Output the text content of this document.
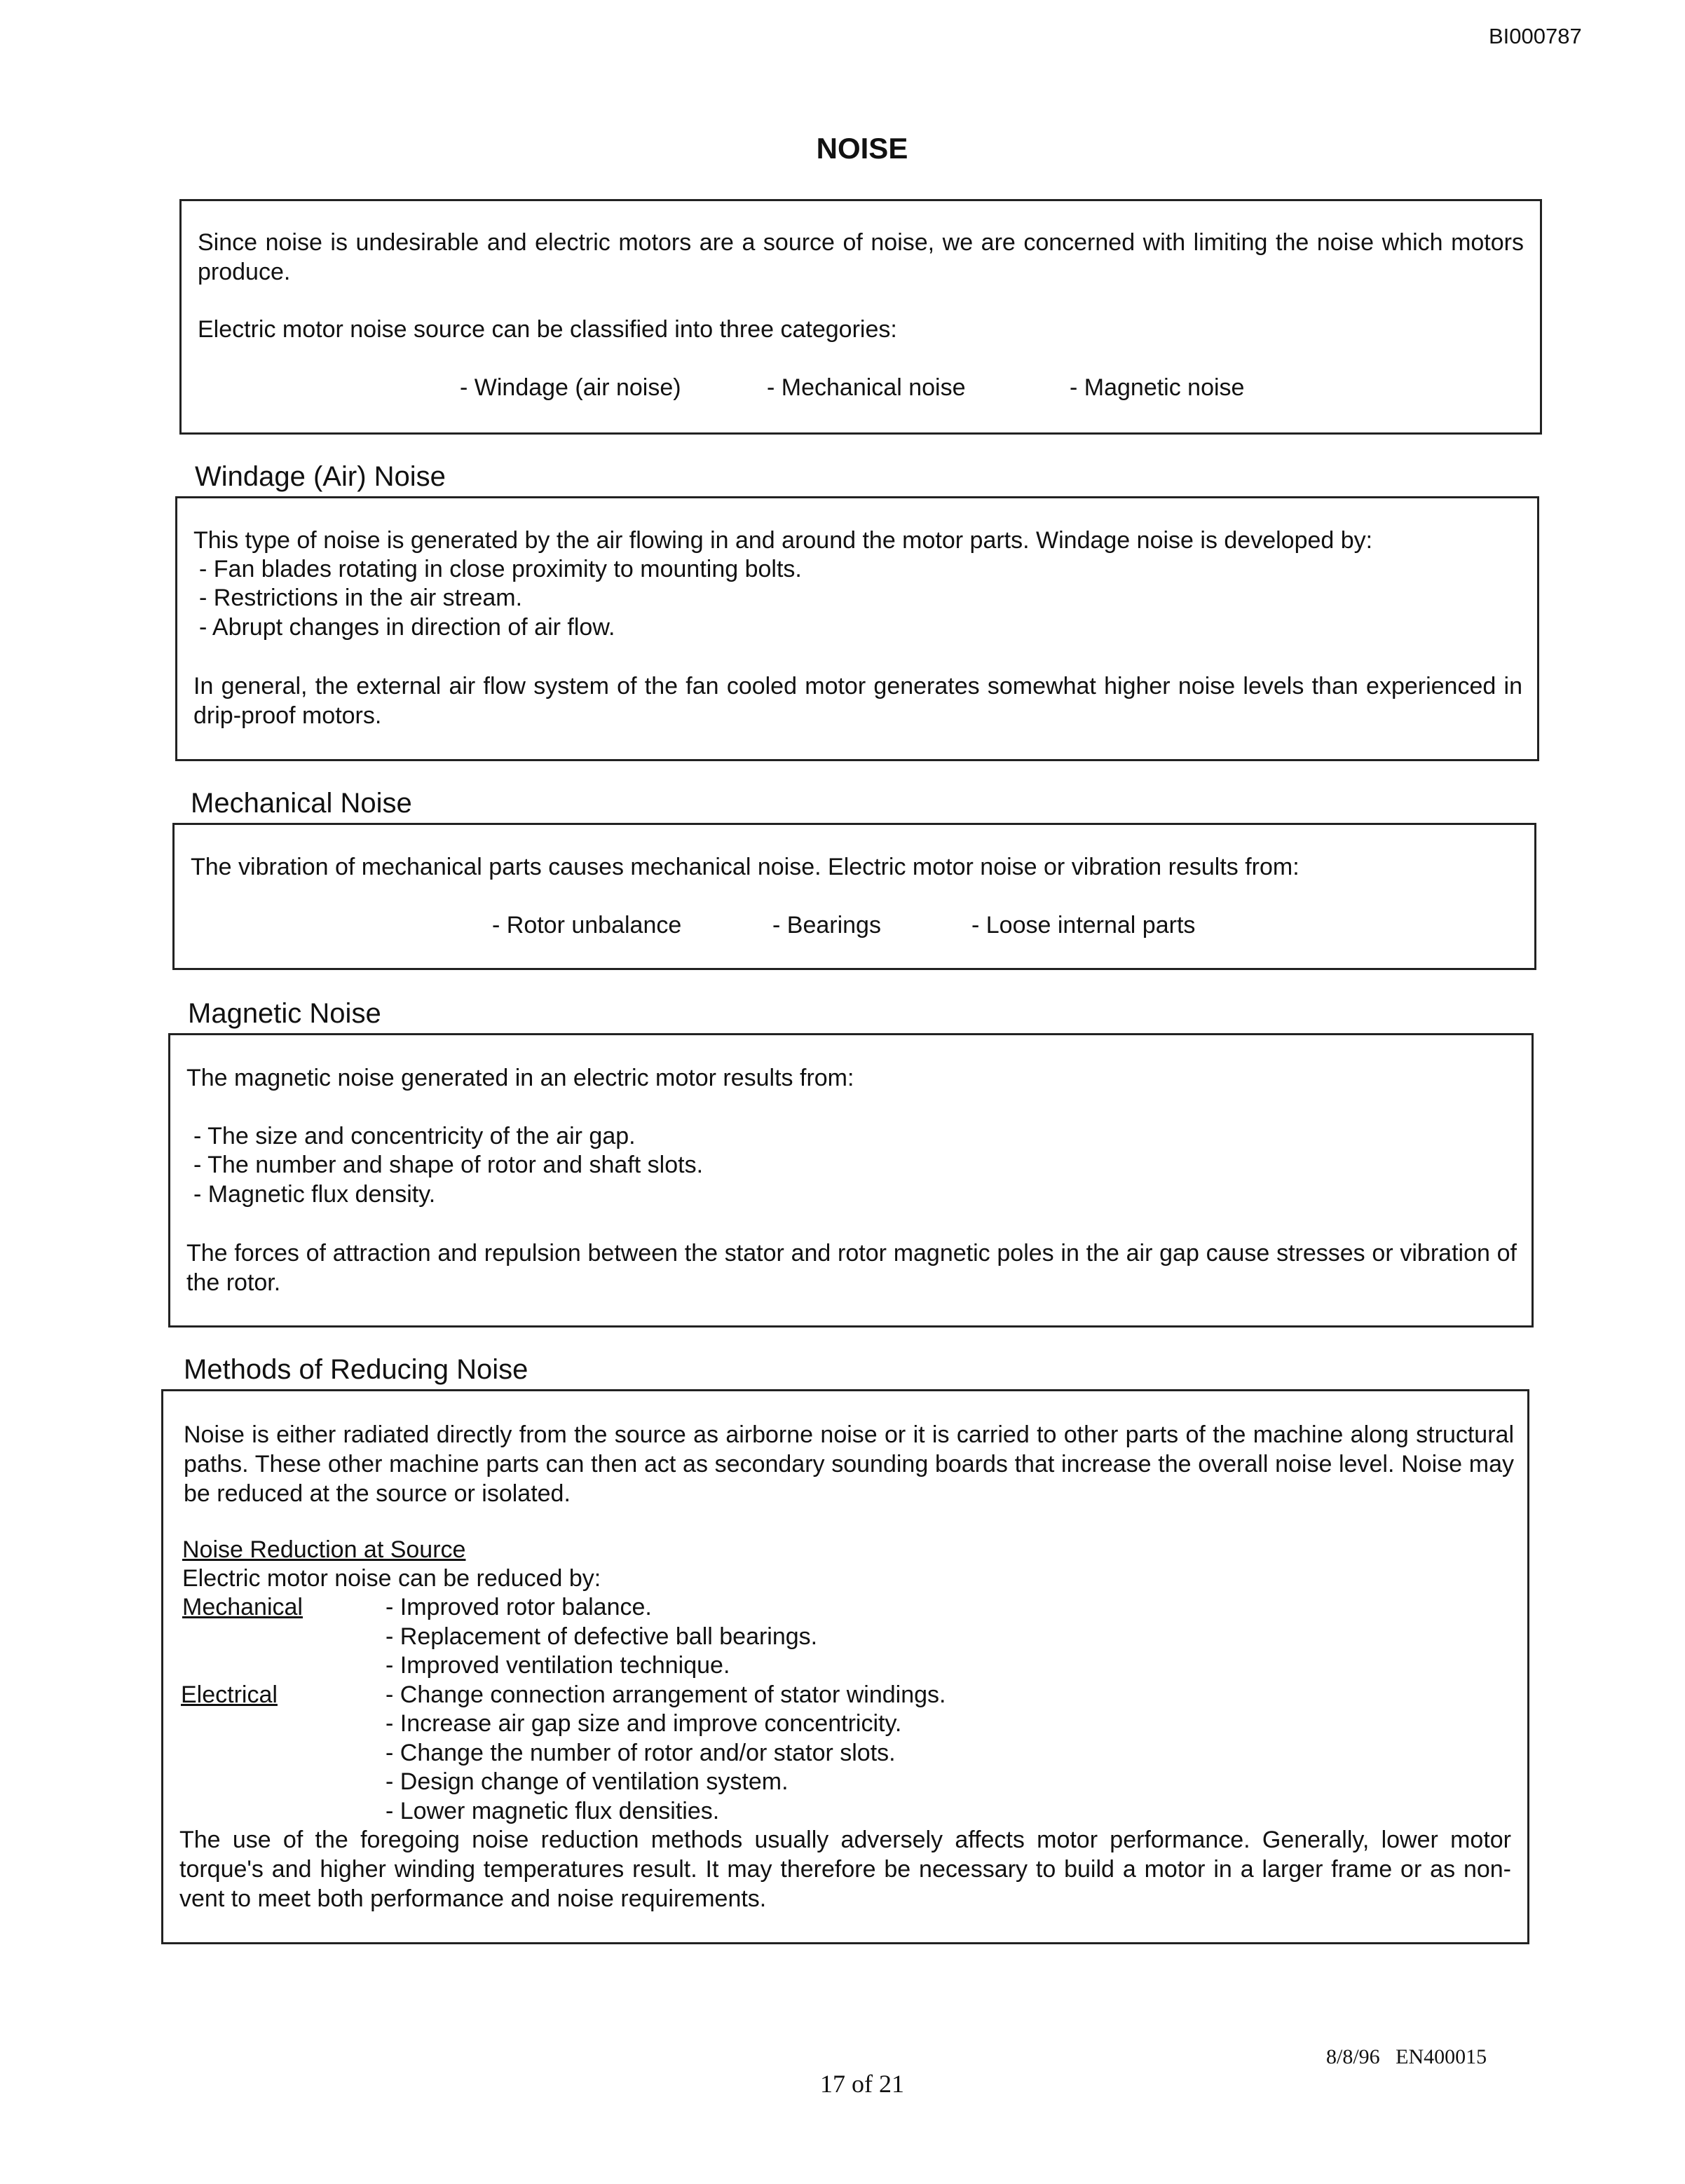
BI000787
NOISE
Since noise is undesirable and electric motors are a source of noise, we are concerned with limiting the noise which motors produce.
Electric motor noise source can be classified into three categories:
- Windage (air noise)	- Mechanical noise	- Magnetic noise
Windage (Air) Noise
This type of noise is generated by the air flowing in and around the motor parts. Windage noise is developed by:
- Fan blades rotating in close proximity to mounting bolts.
- Restrictions in the air stream.
- Abrupt changes in direction of air flow.
In general, the external air flow system of the fan cooled motor generates somewhat higher noise levels than experienced in drip-proof motors.
Mechanical Noise
The vibration of mechanical parts causes mechanical noise. Electric motor noise or vibration results from:
- Rotor unbalance	- Bearings	- Loose internal parts
Magnetic Noise
The magnetic noise generated in an electric motor results from:
- The size and concentricity of the air gap.
- The number and shape of rotor and shaft slots.
- Magnetic flux density.
The forces of attraction and repulsion between the stator and rotor magnetic poles in the air gap cause stresses or vibration of the rotor.
Methods of Reducing Noise
Noise is either radiated directly from the source as airborne noise or it is carried to other parts of the machine along structural paths. These other machine parts can then act as secondary sounding boards that increase the overall noise level. Noise may be reduced at the source or isolated.
Noise Reduction at Source
Electric motor noise can be reduced by:
Mechanical	- Improved rotor balance.
- Replacement of defective ball bearings.
- Improved ventilation technique.
Electrical	- Change connection arrangement of stator windings.
- Increase air gap size and improve concentricity.
- Change the number of rotor and/or stator slots.
- Design change of ventilation system.
- Lower magnetic flux densities.
The use of the foregoing noise reduction methods usually adversely affects motor performance. Generally, lower motor torque's and higher winding temperatures result. It may therefore be necessary to build a motor in a larger frame or as non-vent to meet both performance and noise requirements.
8/8/96   EN400015
17 of 21
